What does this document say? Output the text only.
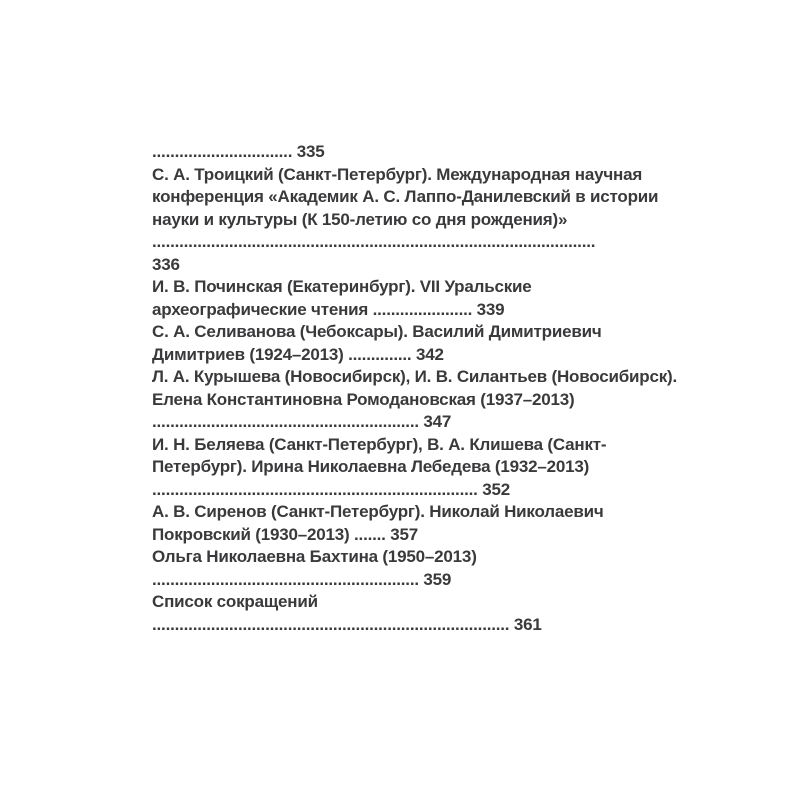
............................... 335
С. А. Троицкий (Санкт-Петербург). Международная научная
конференция «Академик А. С. Лаппо-Данилевский в истории
науки и культуры (К 150-летию со дня рождения)»
..................................................................................................
336
И. В. Починская (Екатеринбург). VII Уральские
археографические чтения ...................... 339
С. А. Селиванова (Чебоксары). Василий Димитриевич
Димитриев (1924–2013) .............. 342
Л. А. Курышева (Новосибирск), И. В. Силантьев (Новосибирск).
Елена Константиновна Ромодановская (1937–2013)
........................................................... 347
И. Н. Беляева (Санкт-Петербург), В. А. Клишева (Санкт-
Петербург). Ирина Николаевна Лебедева (1932–2013)
........................................................................ 352
А. В. Сиренов (Санкт-Петербург). Николай Николаевич
Покровский (1930–2013) ....... 357
Ольга Николаевна Бахтина (1950–2013)
........................................................... 359
Список сокращений
............................................................................... 361
